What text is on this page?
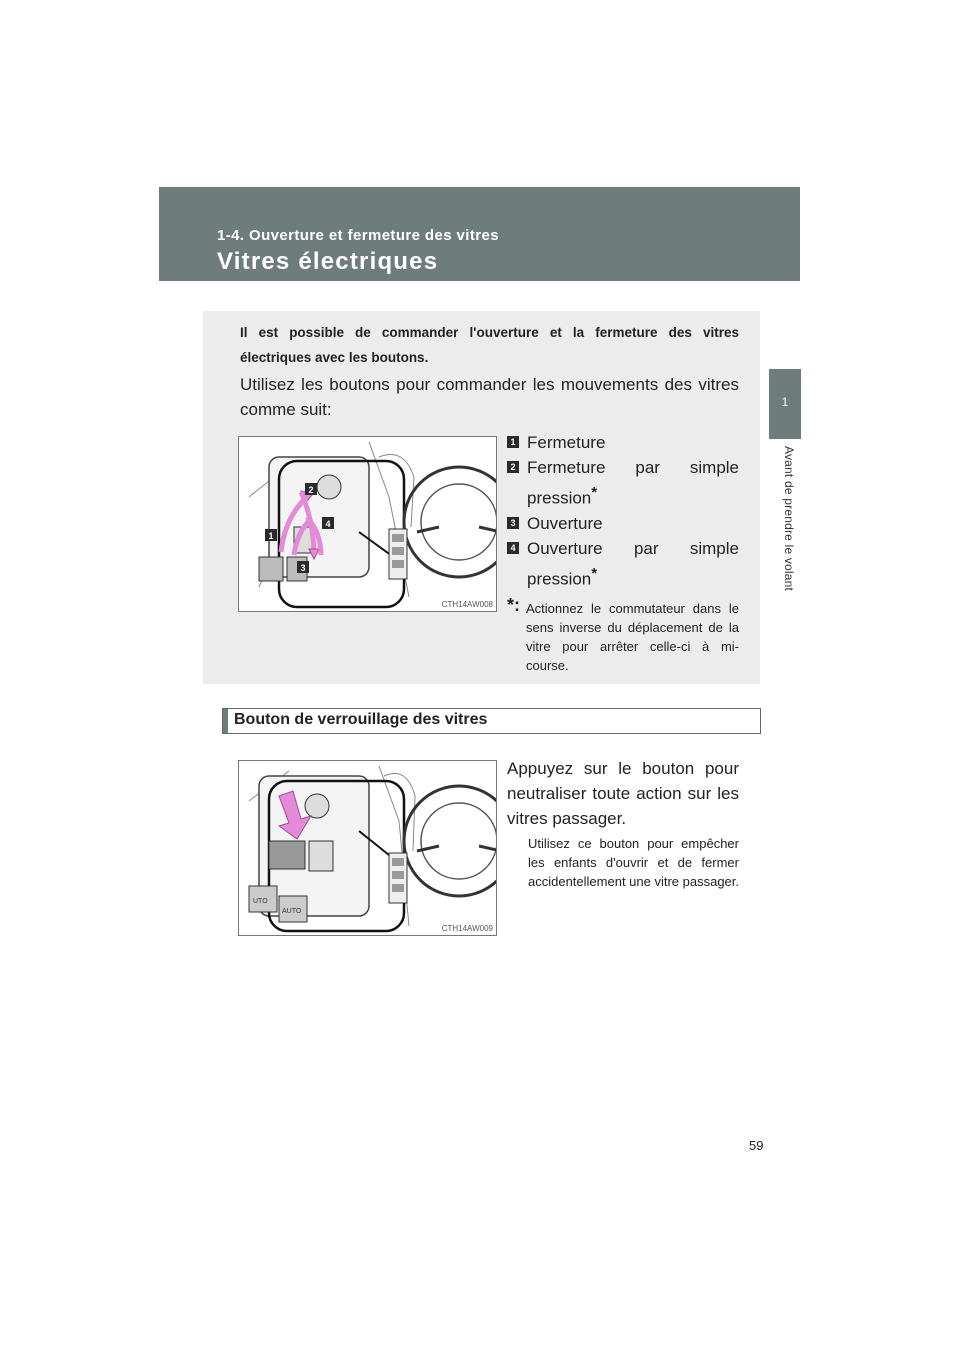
1-4. Ouverture et fermeture des vitres
Vitres électriques
1
Avant de prendre le volant
Il est possible de commander l'ouverture et la fermeture des vitres électriques avec les boutons.
Utilisez les boutons pour commander les mouvements des vitres comme suit:
1
2
3
4
CTH14AW008
1 Fermeture
2 Fermeture par simple
pression*
3 Ouverture
4 Ouverture par simple
pression*
*: Actionnez le commutateur dans le sens inverse du déplacement de la vitre pour arrêter celle-ci à mi-course.
Bouton de verrouillage des vitres
UTO
AUTO
CTH14AW009
Appuyez sur le bouton pour neutraliser toute action sur les vitres passager.
Utilisez ce bouton pour empêcher les enfants d'ouvrir et de fermer accidentellement une vitre passager.
59
